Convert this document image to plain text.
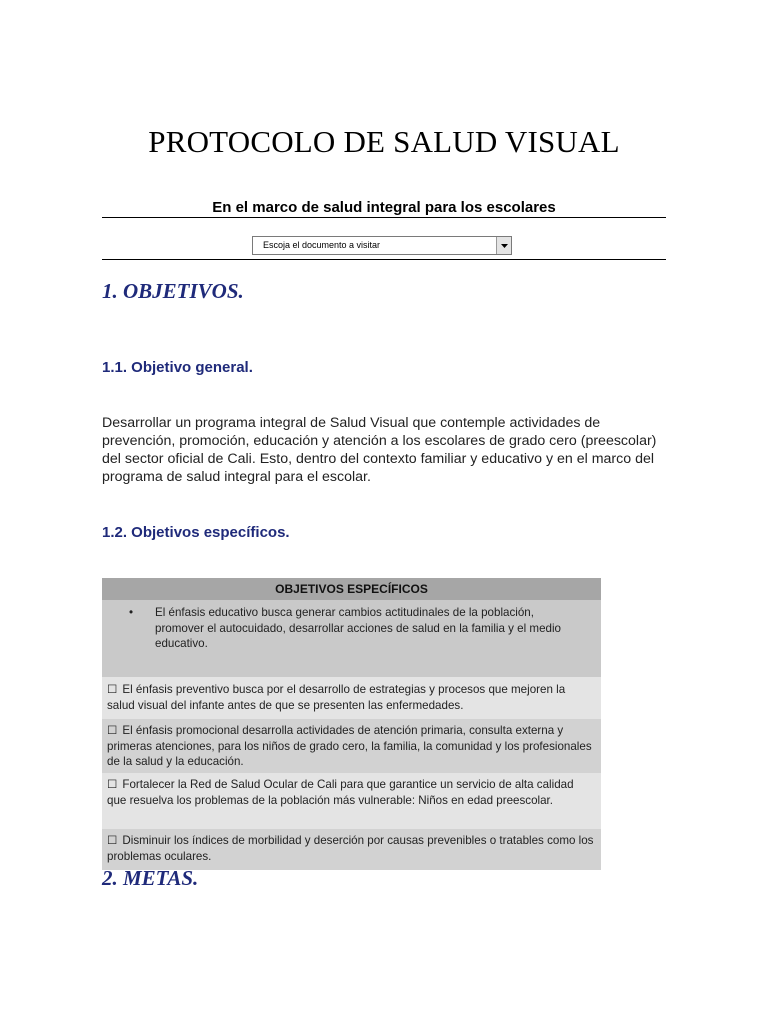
PROTOCOLO DE SALUD VISUAL
En el marco de salud integral para los escolares
Escoja el documento a visitar
1. OBJETIVOS.
1.1. Objetivo general.

Desarrollar un programa integral de Salud Visual que contemple actividades de prevención, promoción, educación y atención a los escolares de grado cero (preescolar) del sector oficial de Cali. Esto, dentro del contexto familiar y educativo y en el marco del programa de salud integral para el escolar.

1.2. Objetivos específicos.
OBJETIVOS ESPECÍFICOS

•	El énfasis educativo busca generar cambios actitudinales de la población, promover el autocuidado, desarrollar acciones de salud en la familia y el medio educativo.

☐ El énfasis preventivo busca por el desarrollo de estrategias y procesos que mejoren la salud visual del infante antes de que se presenten las enfermedades.
☐ El énfasis promocional desarrolla actividades de atención primaria, consulta externa y primeras atenciones, para los niños de grado cero, la familia, la comunidad y los profesionales de la salud y la educación.
☐ Fortalecer la Red de Salud Ocular de Cali para que garantice un servicio de alta calidad que resuelva los problemas de la población más vulnerable: Niños en edad preescolar.
☐ Disminuir los índices de morbilidad y deserción por causas prevenibles o tratables como los problemas oculares.
2. METAS.
